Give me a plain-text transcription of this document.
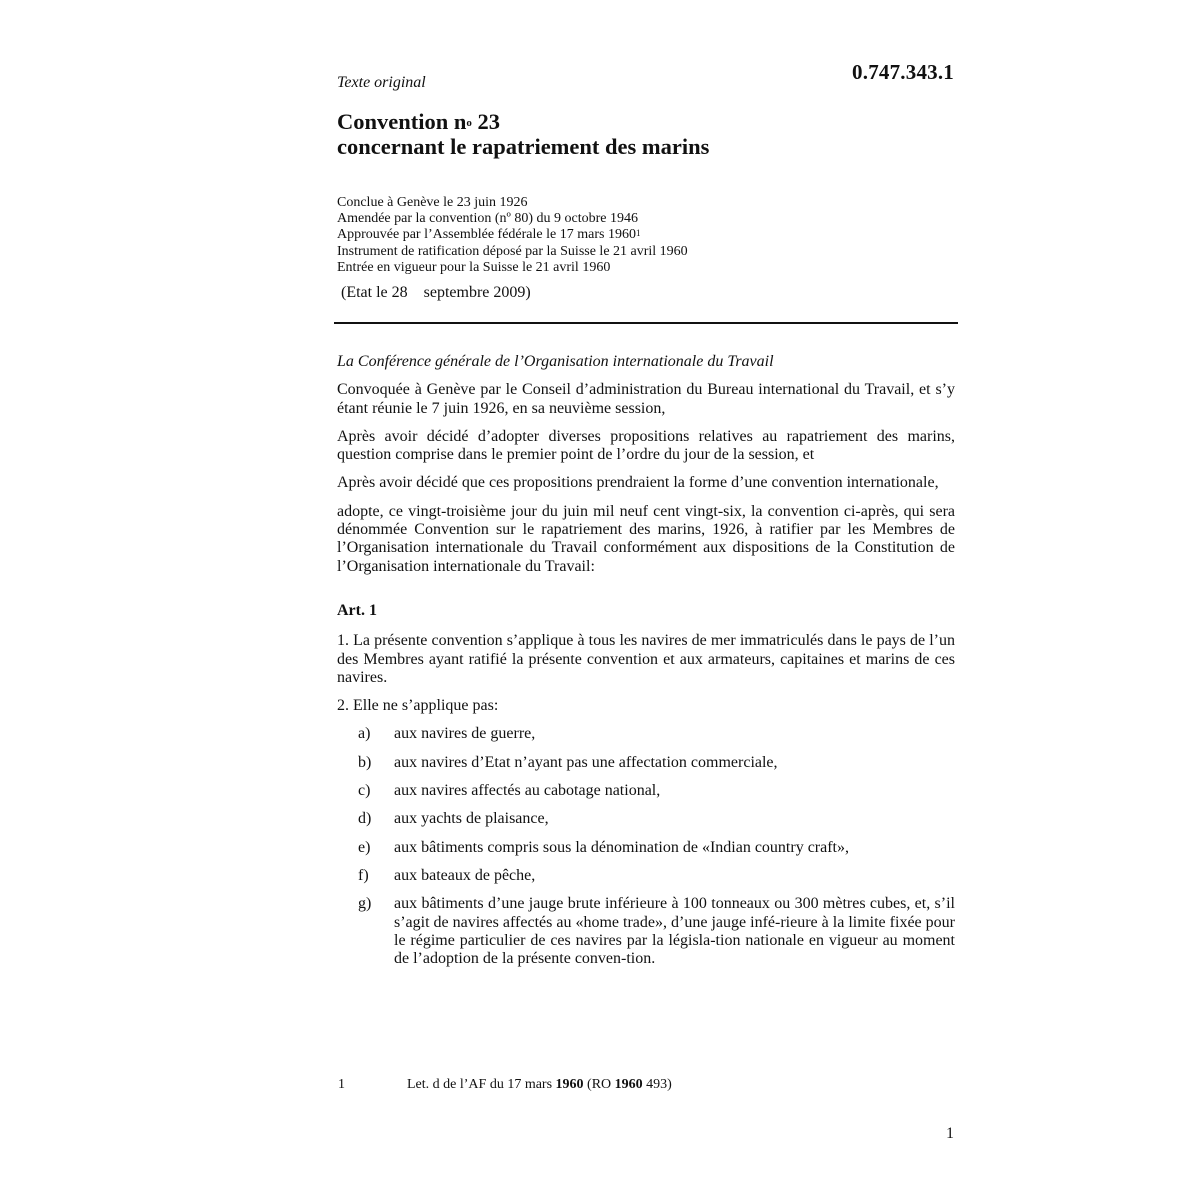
0.747.343.1
Texte original
Convention $n^o$ 23
concernant le rapatriement des marins
Conclue à Genève le 23 juin 1926
Amendée par la convention (nº 80) du 9 octobre 1946
Approuvée par l’Assemblée fédérale le 17 mars 1960$^1$
Instrument de ratification déposé par la Suisse le 21 avril 1960
Entrée en vigueur pour la Suisse le 21 avril 1960
(Etat le 28    septembre 2009)
La Conférence générale de l’Organisation internationale du Travail
Convoquée à Genève par le Conseil d’administration du Bureau international du Travail, et s’y étant réunie le 7 juin 1926, en sa neuvième session,
Après avoir décidé d’adopter diverses propositions relatives au rapatriement des marins, question comprise dans le premier point de l’ordre du jour de la session, et
Après avoir décidé que ces propositions prendraient la forme d’une convention internationale,
adopte, ce vingt-troisième jour du juin mil neuf cent vingt-six, la convention ci-après, qui sera dénommée Convention sur le rapatriement des marins, 1926, à ratifier par les Membres de l’Organisation internationale du Travail conformément aux dispositions de la Constitution de l’Organisation internationale du Travail:
Art. 1
1. La présente convention s’applique à tous les navires de mer immatriculés dans le pays de l’un des Membres ayant ratifié la présente convention et aux armateurs, capitaines et marins de ces navires.
2. Elle ne s’applique pas:
a)	aux navires de guerre,
b)	aux navires d’Etat n’ayant pas une affectation commerciale,
c)	aux navires affectés au cabotage national,
d)	aux yachts de plaisance,
e)	aux bâtiments compris sous la dénomination de «Indian country craft»,
f)	aux bateaux de pêche,
g)	aux bâtiments d’une jauge brute inférieure à 100 tonneaux ou 300 mètres cubes, et, s’il s’agit de navires affectés au «home trade», d’une jauge infé-rieure à la limite fixée pour le régime particulier de ces navires par la législa-tion nationale en vigueur au moment de l’adoption de la présente conven-tion.
1	Let. d de l’AF du 17 mars 1960 (RO 1960 493)
1
